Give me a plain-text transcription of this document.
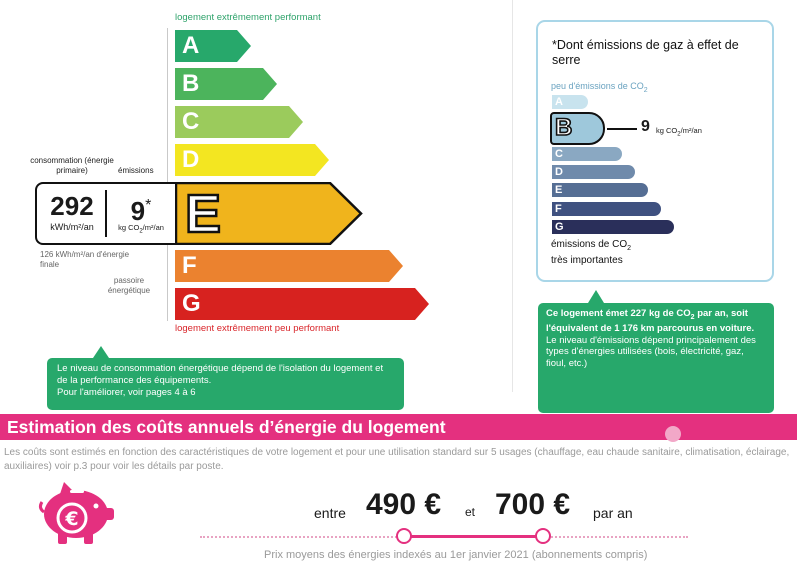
logement extrêmement performant
A
B
C
D
consommation (énergie primaire)	émissions
292
kWh/m²/an
9*
kg $CO_2/m^2/an$ E
126 kWh/m²/an d'énergie finale
passoire énergétique
F
G
logement extrêmement peu performant
Le niveau de consommation énergétique dépend de l'isolation du logement et de la performance des équipements.
Pour l'améliorer, voir pages 4 à 6
*Dont émissions de gaz à effet de serre
peu d'émissions de $CO_2$
A
B	9 kg $CO_2/m^2/an$
C
D
E
F
G
émissions de $CO_2$
très importantes
Ce logement émet 227 kg de $CO_2$ par an, soit l'équivalent de 1 176 km parcourus en voiture.
Le niveau d'émissions dépend principalement des types d'énergies utilisées (bois, électricité, gaz, fioul, etc.)
Estimation des coûts annuels d’énergie du logement
Les coûts sont estimés en fonction des caractéristiques de votre logement et pour une utilisation standard sur 5 usages (chauffage, eau chaude sanitaire, climatisation, éclairage, auxiliaires) voir p.3 pour voir les détails par poste.
€	entre 490 € et 700 € par an
Prix moyens des énergies indexés au 1er janvier 2021 (abonnements compris)
